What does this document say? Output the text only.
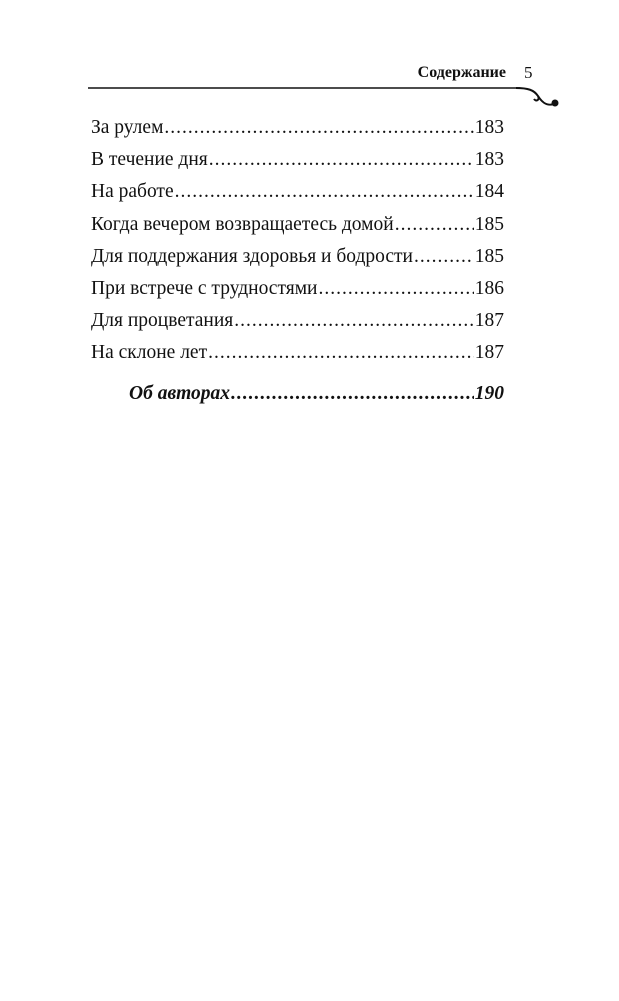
Содержание 5
За рулем .....	183
В течение дня .....	183
На работе .....	184
Когда вечером возвращаетесь домой .....	185
Для поддержания здоровья и бодрости .....	185
При встрече с трудностями .....	186
Для процветания .....	187
На склоне лет .....	187
Об авторах .....	190
